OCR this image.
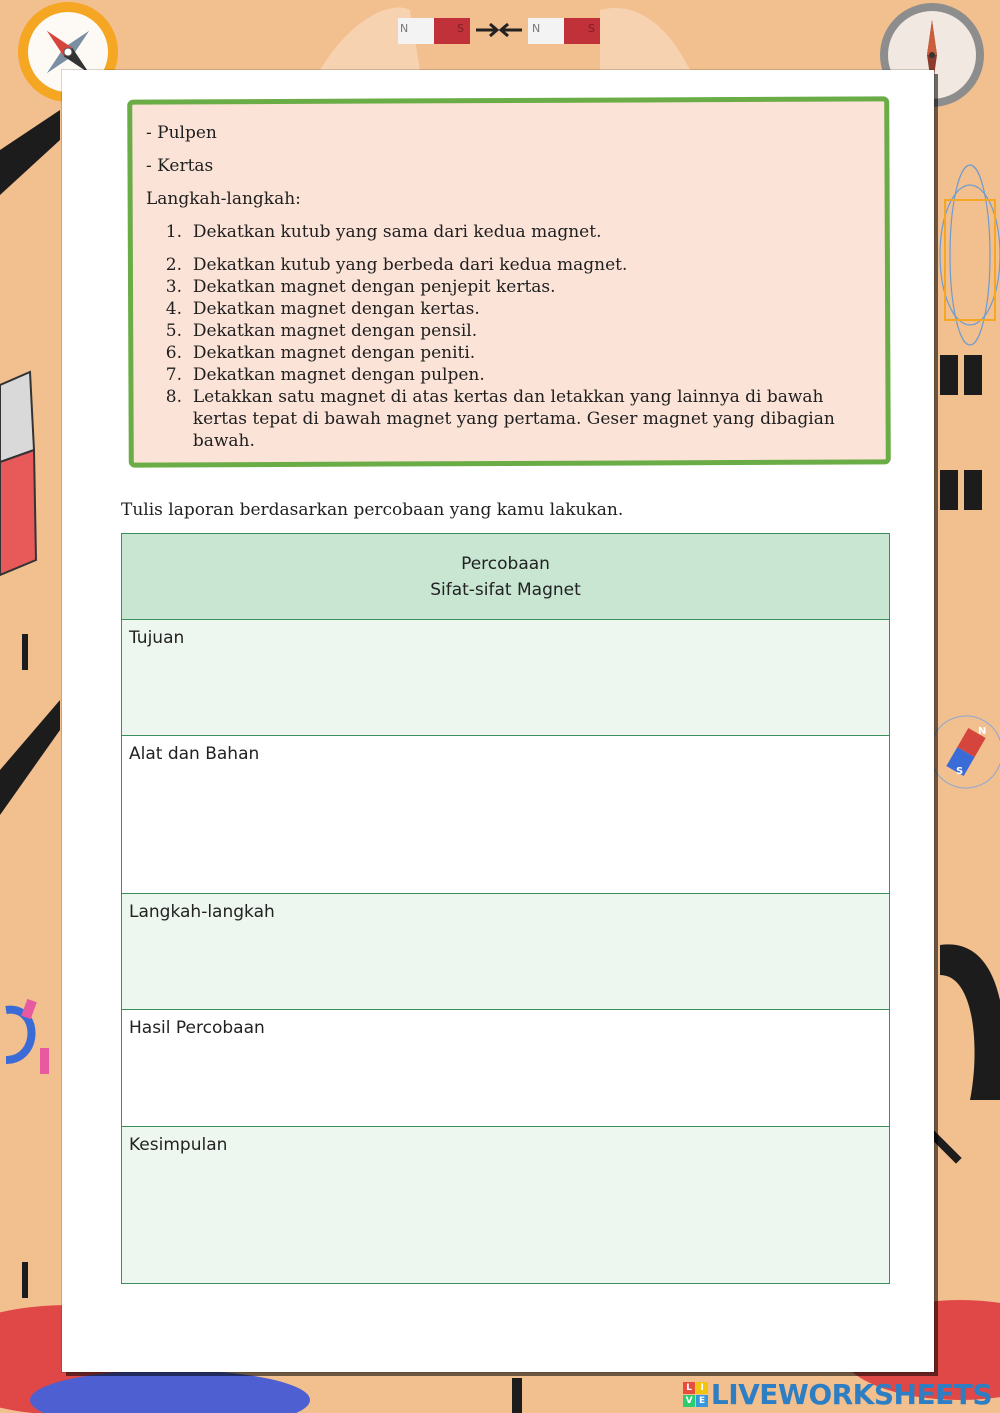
N	S	N	S
N
S
- Pulpen
- Kertas
Langkah-langkah:
1.
Dekatkan kutub yang sama dari kedua magnet.
2.
Dekatkan kutub yang berbeda dari kedua magnet.
3.
Dekatkan magnet dengan penjepit kertas.
4.
Dekatkan magnet dengan kertas.
5.
Dekatkan magnet dengan pensil.
6.
Dekatkan magnet dengan peniti.
7.
Dekatkan magnet dengan pulpen.
8.
Letakkan satu magnet di atas kertas dan letakkan yang lainnya di bawah kertas tepat di bawah magnet yang pertama. Geser magnet yang dibagian bawah.
Tulis laporan berdasarkan percobaan yang kamu lakukan.
Percobaan
Sifat-sifat Magnet
Tujuan
Alat dan Bahan
Langkah-langkah
Hasil Percobaan
Kesimpulan
L I
V E LIVEWORKSHEETS
